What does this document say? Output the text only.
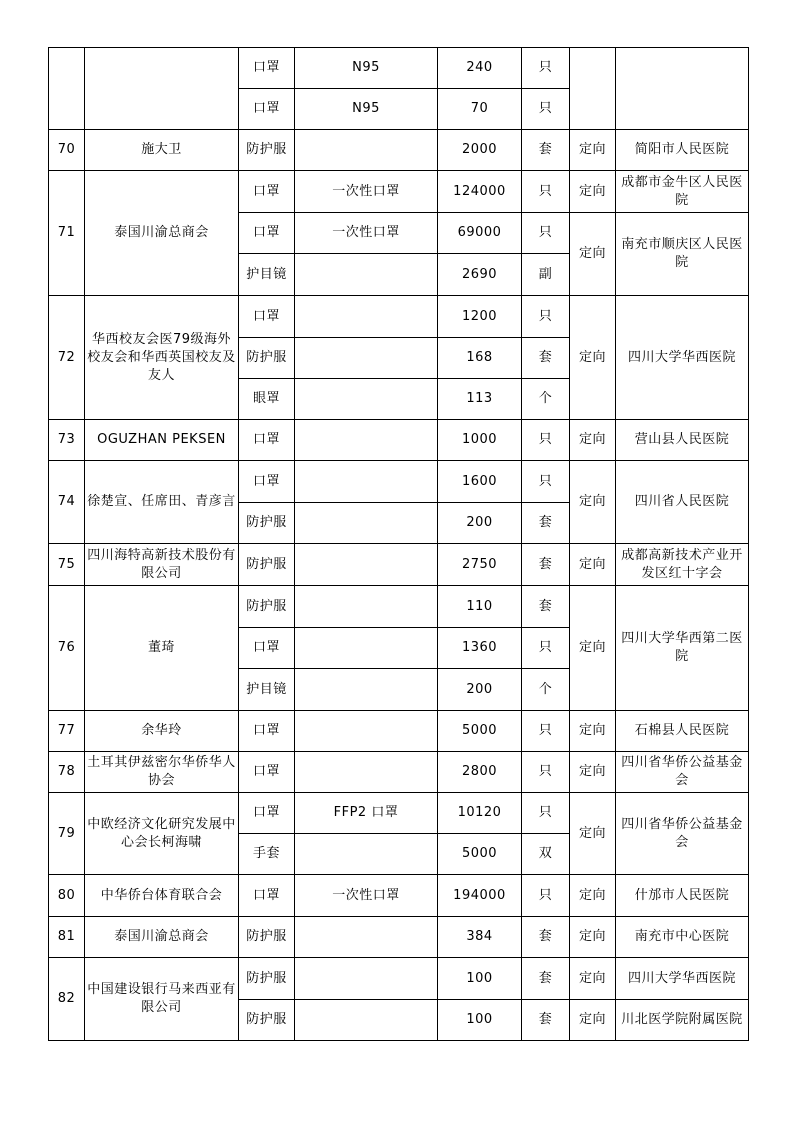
		口罩	N95	240	只		
		口罩	N95	70	只		
70	施大卫	防护服		2000	套	定向	简阳市人民医院
71	泰国川渝总商会	口罩	一次性口罩	124000	只	定向	成都市金牛区人民医院
		口罩	一次性口罩	69000	只	定向	南充市顺庆区人民医院
		护目镜		2690	副		
72	华西校友会医79级海外校友会和华西英国校友及友人	口罩		1200	只	定向	四川大学华西医院
		防护服		168	套		
		眼罩		113	个		
73	OGUZHAN PEKSEN	口罩		1000	只	定向	营山县人民医院
74	徐楚宣、任席田、青彦言	口罩		1600	只	定向	四川省人民医院
		防护服		200	套		
75	四川海特高新技术股份有限公司	防护服		2750	套	定向	成都高新技术产业开发区红十字会
76	董琦	防护服		110	套	定向	四川大学华西第二医院
		口罩		1360	只		
		护目镜		200	个		
77	余华玲	口罩		5000	只	定向	石棉县人民医院
78	土耳其伊兹密尔华侨华人协会	口罩		2800	只	定向	四川省华侨公益基金会
79	中欧经济文化研究发展中心会长柯海啸	口罩	FFP2 口罩	10120	只	定向	四川省华侨公益基金会
		手套		5000	双		
80	中华侨台体育联合会	口罩	一次性口罩	194000	只	定向	什邡市人民医院
81	泰国川渝总商会	防护服		384	套	定向	南充市中心医院
82	中国建设银行马来西亚有限公司	防护服		100	套	定向	四川大学华西医院
		防护服		100	套	定向	川北医学院附属医院
